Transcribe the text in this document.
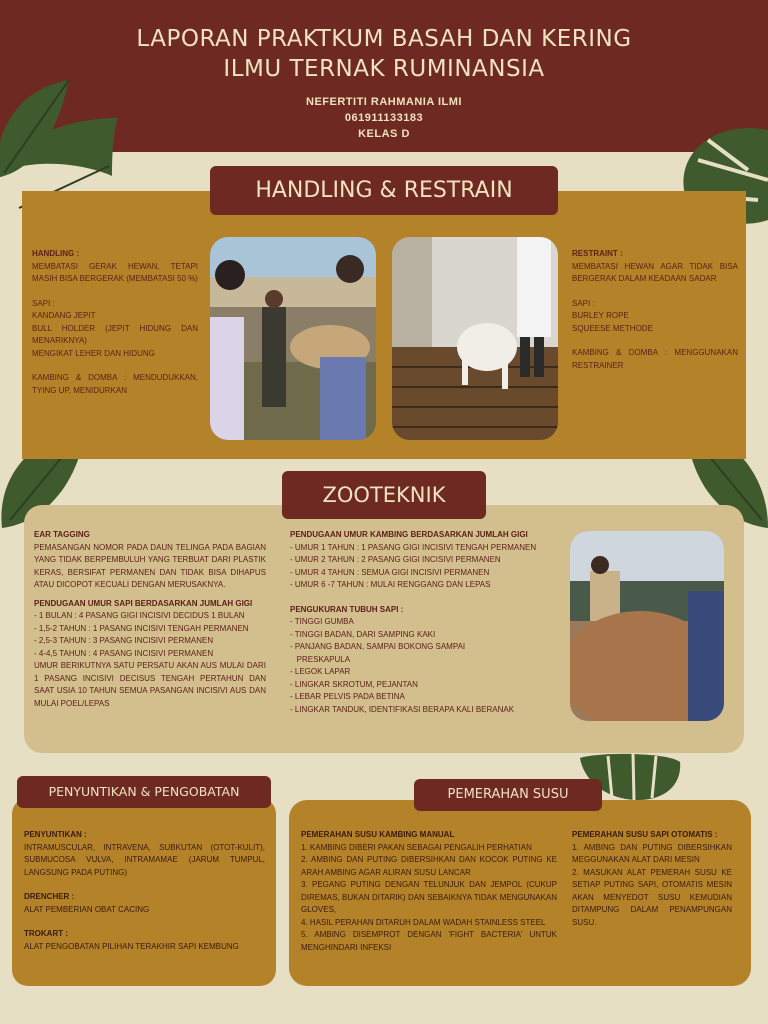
LAPORAN PRAKTKUM BASAH DAN KERING
ILMU TERNAK RUMINANSIA
NEFERTITI RAHMANIA ILMI
061911133183
KELAS D
HANDLING & RESTRAIN
HANDLING :
MEMBATASI GERAK HEWAN, TETAPI MASIH BISA BERGERAK (MEMBATASI 50 %)
SAPI :
KANDANG JEPIT
BULL HOLDER (JEPIT HIDUNG DAN MENARIKNYA)
MENGIKAT LEHER DAN HIDUNG
KAMBING & DOMBA : MENDUDUKKAN, TYING UP, MENIDURKAN
RESTRAINT :
MEMBATASI HEWAN AGAR TIDAK BISA BERGERAK DALAM KEADAAN SADAR
SAPI :
BURLEY ROPE
SQUEESE METHODE
KAMBING & DOMBA : MENGGUNAKAN RESTRAINER
ZOOTEKNIK
EAR TAGGING
PEMASANGAN NOMOR PADA DAUN TELINGA PADA BAGIAN YANG TIDAK BERPEMBULUH YANG TERBUAT DARI PLASTIK KERAS, BERSIFAT PERMANEN DAN TIDAK BISA DIHAPUS ATAU DICOPOT KECUALI DENGAN MERUSAKNYA.
PENDUGAAN UMUR SAPI BERDASARKAN JUMLAH GIGI
- 1 BULAN : 4 PASANG GIGI INCISIVI DECIDUS 1 BULAN
- 1,5-2 TAHUN : 1 PASANG INCISIVI TENGAH PERMANEN
- 2,5-3 TAHUN : 3 PASANG INCISIVI PERMANEN
- 4-4,5 TAHUN : 4 PASANG INCISIVI PERMANEN
UMUR BERIKUTNYA SATU PERSATU AKAN AUS MULAI DARI 1 PASANG INCISIVI DECISUS TENGAH PERTAHUN DAN SAAT USIA 10 TAHUN SEMUA PASANGAN INCISIVI AUS DAN MULAI POEL/LEPAS
PENDUGAAN UMUR KAMBING BERDASARKAN JUMLAH GIGI
- UMUR 1 TAHUN : 1 PASANG GIGI INCISIVI TENGAH PERMANEN
- UMUR 2 TAHUN : 2 PASANG GIGI INCISIVI PERMANEN
- UMUR 4 TAHUN : SEMUA GIGI INCISIVI PERMANEN
- UMUR 6 -7 TAHUN : MULAI RENGGANG DAN LEPAS
PENGUKURAN TUBUH SAPI :
- TINGGI GUMBA
- TINGGI BADAN, DARI SAMPING KAKI
- PANJANG BADAN, SAMPAI BOKONG SAMPAI
PRESKAPULA
- LEGOK LAPAR
- LINGKAR SKROTUM, PEJANTAN
- LEBAR PELVIS PADA BETINA
- LINGKAR TANDUK, IDENTIFIKASI BERAPA KALI BERANAK
PENYUNTIKAN & PENGOBATAN
PENYUNTIKAN :
INTRAMUSCULAR, INTRAVENA, SUBKUTAN (OTOT-KULIT), SUBMUCOSA VULVA, INTRAMAMAE (JARUM TUMPUL, LANGSUNG PADA PUTING)
DRENCHER :
ALAT PEMBERIAN OBAT CACING
TROKART :
ALAT PENGOBATAN PILIHAN TERAKHIR SAPI KEMBUNG
PEMERAHAN SUSU
PEMERAHAN SUSU KAMBING MANUAL
1. KAMBING DIBERI PAKAN SEBAGAI PENGALIH PERHATIAN
2. AMBING DAN PUTING DIBERSIHKAN DAN KOCOK PUTING KE ARAH AMBING AGAR ALIRAN SUSU LANCAR
3. PEGANG PUTING DENGAN TELUNJUK DAN JEMPOL (CUKUP DIREMAS, BUKAN DITARIK) DAN SEBAIKNYA TIDAK MENGUNAKAN GLOVES,
4. HASIL PERAHAN DITARUH DALAM WADAH STAINLESS STEEL
5. AMBING DISEMPROT DENGAN 'FIGHT BACTERIA' UNTUK MENGHINDARI INFEKSI
PEMERAHAN SUSU SAPI OTOMATIS :
1. AMBING DAN PUTING DIBERSIHKAN MEGGUNAKAN ALAT DARI MESIN
2. MASUKAN ALAT PEMERAH SUSU KE SETIAP PUTING SAPI, OTOMATIS MESIN AKAN MENYEDOT SUSU KEMUDIAN DITAMPUNG DALAM PENAMPUNGAN SUSU.
